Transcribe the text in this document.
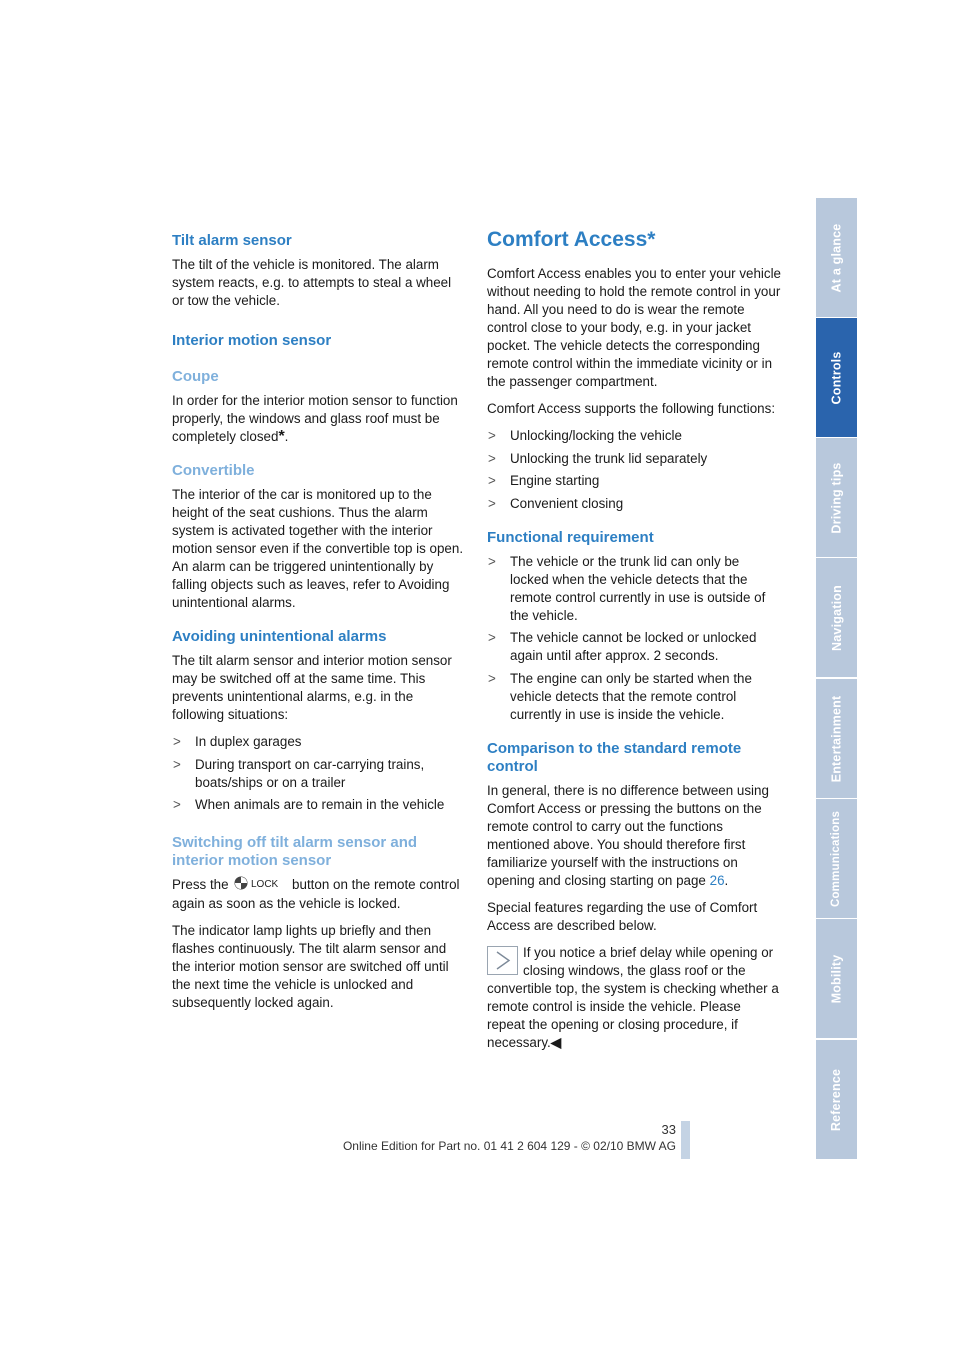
Tilt alarm sensor

The tilt of the vehicle is monitored. The alarm system reacts, e.g. to attempts to steal a wheel or tow the vehicle.

Interior motion sensor
Coupe

In order for the interior motion sensor to function properly, the windows and glass roof must be completely closed*.

Convertible

The interior of the car is monitored up to the height of the seat cushions. Thus the alarm system is activated together with the interior motion sensor even if the convertible top is open. An alarm can be triggered unintentionally by falling objects such as leaves, refer to Avoiding unintentional alarms.

Avoiding unintentional alarms

The tilt alarm sensor and interior motion sensor may be switched off at the same time. This prevents unintentional alarms, e.g. in the following situations:

> In duplex garages
> During transport on car-carrying trains, boats/ships or on a trailer
> When animals are to remain in the vehicle
Switching off tilt alarm sensor and interior motion sensor

Press the LOCK button on the remote control again as soon as the vehicle is locked.

The indicator lamp lights up briefly and then flashes continuously. The tilt alarm sensor and the interior motion sensor are switched off until the next time the vehicle is unlocked and subsequently locked again.

Comfort Access*

Comfort Access enables you to enter your vehicle without needing to hold the remote control in your hand. All you need to do is wear the remote control close to your body, e.g. in your jacket pocket. The vehicle detects the corresponding remote control within the immediate vicinity or in the passenger compartment.

Comfort Access supports the following functions:

> Unlocking/locking the vehicle
> Unlocking the trunk lid separately
> Engine starting
> Convenient closing
Functional requirement
> The vehicle or the trunk lid can only be locked when the vehicle detects that the remote control currently in use is outside of the vehicle.
> The vehicle cannot be locked or unlocked again until after approx. 2 seconds.
> The engine can only be started when the vehicle detects that the remote control currently in use is inside the vehicle.
Comparison to the standard remote control

In general, there is no difference between using Comfort Access or pressing the buttons on the remote control to carry out the functions mentioned above. You should therefore first familiarize yourself with the instructions on opening and closing starting on page 26.

Special features regarding the use of Comfort Access are described below.

If you notice a brief delay while opening or closing windows, the glass roof or the
convertible top, the system is checking whether a remote control is inside the vehicle. Please repeat the opening or closing procedure, if necessary.◀

At a glance
Controls
Driving tips
Navigation
Entertainment
Communications
Mobility
Reference
33
Online Edition for Part no. 01 41 2 604 129 - © 02/10 BMW AG
